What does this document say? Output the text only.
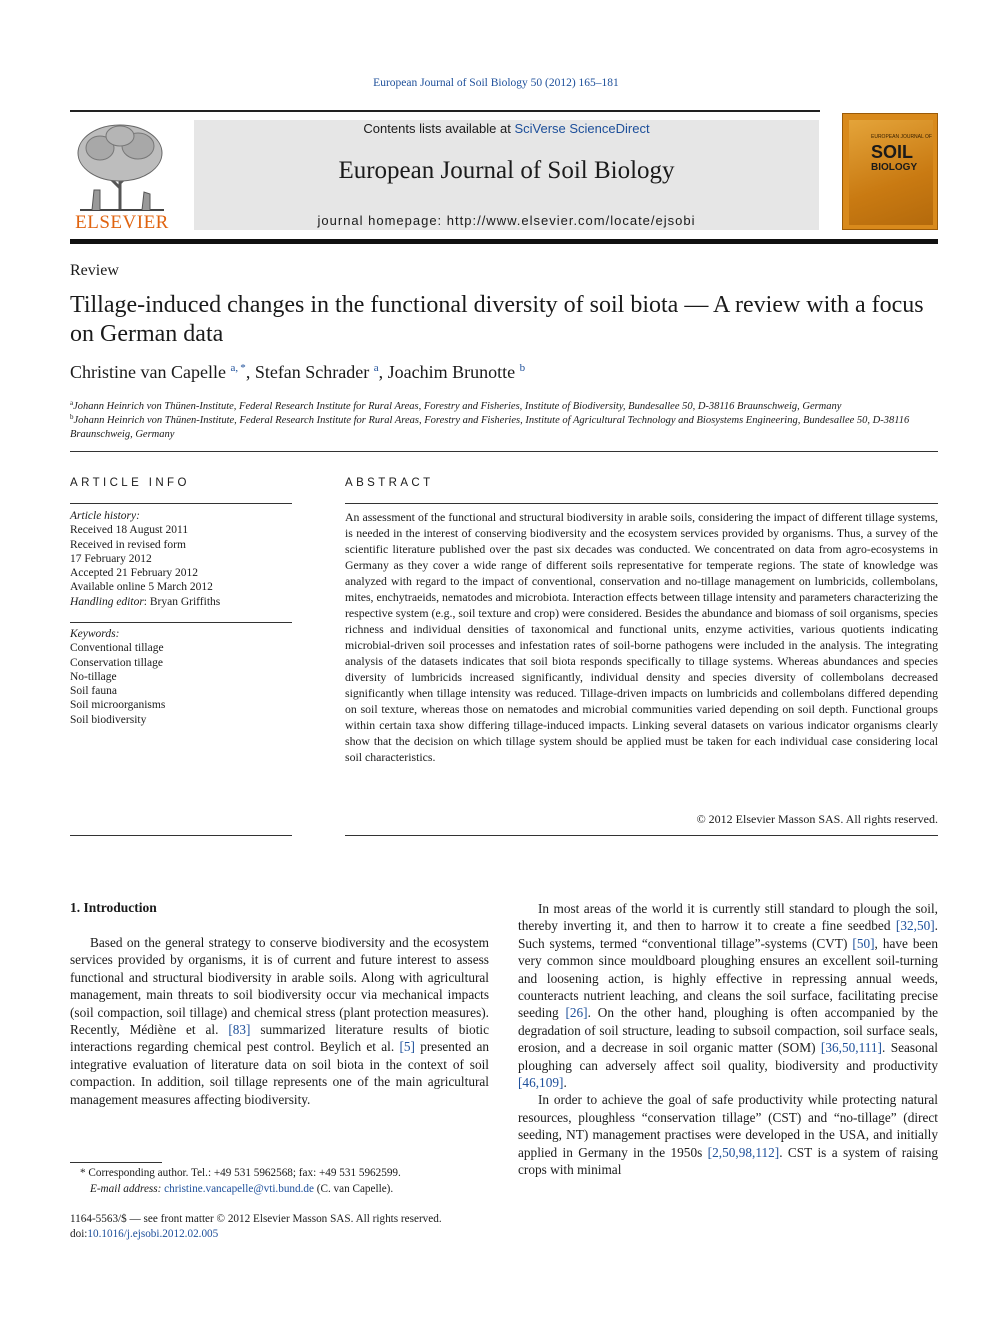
European Journal of Soil Biology 50 (2012) 165–181
ELSEVIER
Contents lists available at SciVerse ScienceDirect
European Journal of Soil Biology
journal homepage: http://www.elsevier.com/locate/ejsobi
EUROPEAN JOURNAL OF
SOIL
BIOLOGY
Review
Tillage-induced changes in the functional diversity of soil biota — A review with a focus on German data
Christine van Capelle $^{a, *}$, Stefan Schrader $^a$, Joachim Brunotte $^b$
$^a$Johann Heinrich von Thünen-Institute, Federal Research Institute for Rural Areas, Forestry and Fisheries, Institute of Biodiversity, Bundesallee 50, D-38116 Braunschweig, Germany
$^b$Johann Heinrich von Thünen-Institute, Federal Research Institute for Rural Areas, Forestry and Fisheries, Institute of Agricultural Technology and Biosystems Engineering, Bundesallee 50, D-38116 Braunschweig, Germany
ARTICLE INFO
Article history:
Received 18 August 2011
Received in revised form
17 February 2012
Accepted 21 February 2012
Available online 5 March 2012
Handling editor: Bryan Griffiths
Keywords:
Conventional tillage
Conservation tillage
No-tillage
Soil fauna
Soil microorganisms
Soil biodiversity
ABSTRACT
An assessment of the functional and structural biodiversity in arable soils, considering the impact of different tillage systems, is needed in the interest of conserving biodiversity and the ecosystem services provided by organisms. Thus, a survey of the scientific literature published over the past six decades was conducted. We concentrated on data from agro-ecosystems in Germany as they cover a wide range of different soils representative for temperate regions. The state of knowledge was analyzed with regard to the impact of conventional, conservation and no-tillage management on lumbricids, collembolans, mites, enchytraeids, nematodes and microbiota. Interaction effects between tillage intensity and parameters characterizing the respective system (e.g., soil texture and crop) were considered. Besides the abundance and biomass of soil organisms, species richness and individual densities of taxonomical and functional units, enzyme activities, various quotients indicating microbial-driven soil processes and infestation rates of soil-borne pathogens were included in the analysis. The integrating analysis of the datasets indicates that soil biota responds specifically to tillage systems. Whereas abundances and species diversity of lumbricids increased significantly, individual density and species diversity of collembolans decreased significantly when tillage intensity was reduced. Tillage-driven impacts on lumbricids and collembolans differed depending on soil texture, whereas those on nematodes and microbial communities varied depending on soil depth. Functional groups within certain taxa show differing tillage-induced impacts. Linking several datasets on various indicator organisms clearly show that the decision on which tillage system should be applied must be taken for each individual case considering local soil characteristics.
© 2012 Elsevier Masson SAS. All rights reserved.
1. Introduction
Based on the general strategy to conserve biodiversity and the ecosystem services provided by organisms, it is of current and future interest to assess functional and structural biodiversity in arable soils. Along with agricultural management, main threats to soil biodiversity occur via mechanical impacts (soil compaction, soil tillage) and chemical stress (plant protection measures). Recently, Médiène et al. [83] summarized literature results of biotic interactions regarding chemical pest control. Beylich et al. [5] presented an integrative evaluation of literature data on soil biota in the context of soil compaction. In addition, soil tillage represents one of the main agricultural management measures affecting biodiversity.

In most areas of the world it is currently still standard to plough the soil, thereby inverting it, and then to harrow it to create a fine seedbed [32,50]. Such systems, termed “conventional tillage”-systems (CVT) [50], have been very common since mouldboard ploughing ensures an excellent soil-turning and loosening action, is highly effective in repressing annual weeds, counteracts nutrient leaching, and cleans the soil surface, facilitating precise seeding [26]. On the other hand, ploughing is often accompanied by the degradation of soil structure, leading to subsoil compaction, soil surface seals, erosion, and a decrease in soil organic matter (SOM) [36,50,111]. Seasonal ploughing can adversely affect soil quality, biodiversity and productivity [46,109].

In order to achieve the goal of safe productivity while protecting natural resources, ploughless “conservation tillage” (CST) and “no-tillage” (direct seeding, NT) management practises were developed in the USA, and initially applied in Germany in the 1950s [2,50,98,112]. CST is a system of raising crops with minimal

* Corresponding author. Tel.: +49 531 5962568; fax: +49 531 5962599.
E-mail address: christine.vancapelle@vti.bund.de (C. van Capelle).
1164-5563/$ — see front matter © 2012 Elsevier Masson SAS. All rights reserved.
doi:10.1016/j.ejsobi.2012.02.005
